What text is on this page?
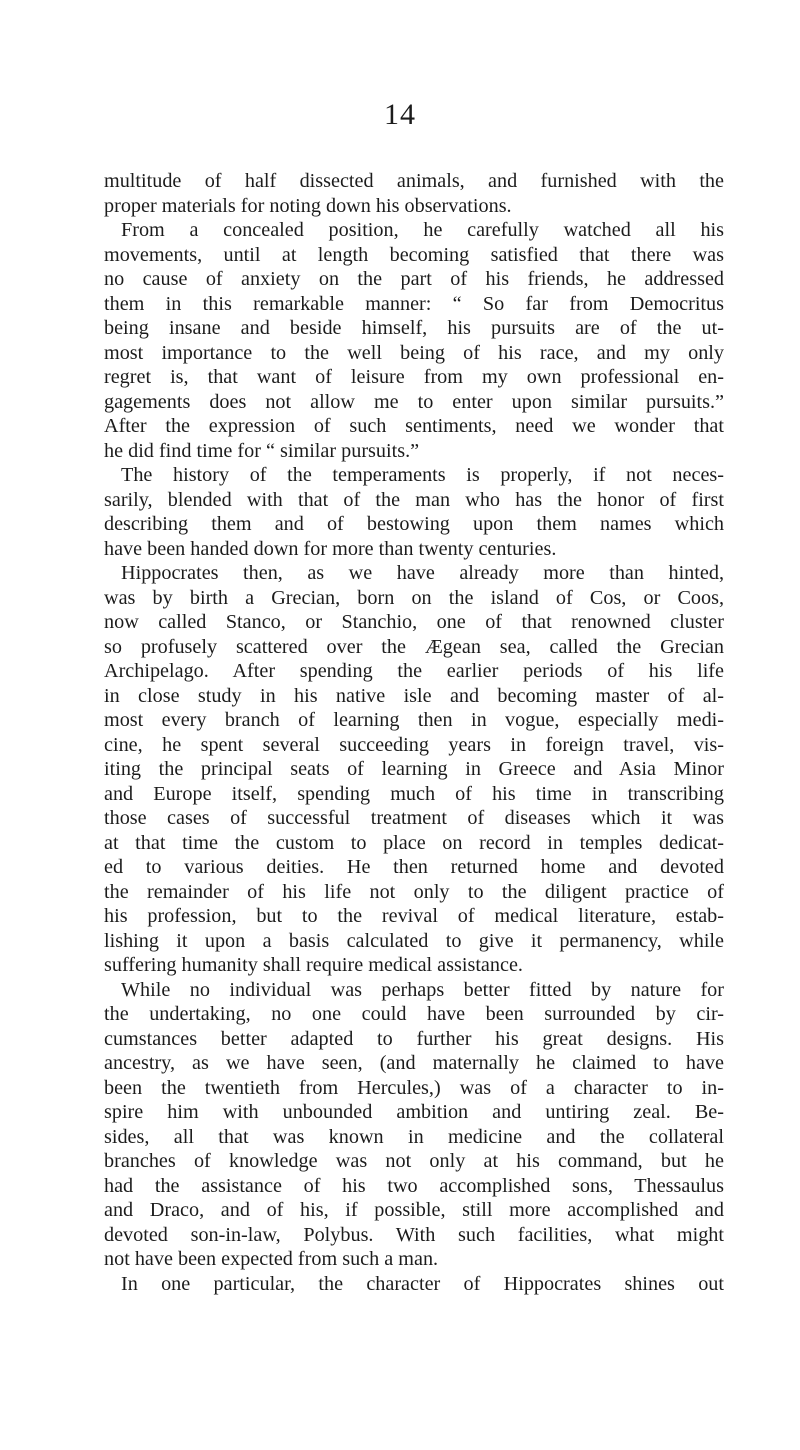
14
multitude of half dissected animals, and furnished with the
proper materials for noting down his observations.
From a concealed position, he carefully watched all his
movements, until at length becoming satisfied that there was
no cause of anxiety on the part of his friends, he addressed
them in this remarkable manner: “ So far from Democritus
being insane and beside himself, his pursuits are of the ut-
most importance to the well being of his race, and my only
regret is, that want of leisure from my own professional en-
gagements does not allow me to enter upon similar pursuits.”
After the expression of such sentiments, need we wonder that
he did find time for “ similar pursuits.”
The history of the temperaments is properly, if not neces-
sarily, blended with that of the man who has the honor of first
describing them and of bestowing upon them names which
have been handed down for more than twenty centuries.
Hippocrates then, as we have already more than hinted,
was by birth a Grecian, born on the island of Cos, or Coos,
now called Stanco, or Stanchio, one of that renowned cluster
so profusely scattered over the Ægean sea, called the Grecian
Archipelago. After spending the earlier periods of his life
in close study in his native isle and becoming master of al-
most every branch of learning then in vogue, especially medi-
cine, he spent several succeeding years in foreign travel, vis-
iting the principal seats of learning in Greece and Asia Minor
and Europe itself, spending much of his time in transcribing
those cases of successful treatment of diseases which it was
at that time the custom to place on record in temples dedicat-
ed to various deities. He then returned home and devoted
the remainder of his life not only to the diligent practice of
his profession, but to the revival of medical literature, estab-
lishing it upon a basis calculated to give it permanency, while
suffering humanity shall require medical assistance.
While no individual was perhaps better fitted by nature for
the undertaking, no one could have been surrounded by cir-
cumstances better adapted to further his great designs. His
ancestry, as we have seen, (and maternally he claimed to have
been the twentieth from Hercules,) was of a character to in-
spire him with unbounded ambition and untiring zeal. Be-
sides, all that was known in medicine and the collateral
branches of knowledge was not only at his command, but he
had the assistance of his two accomplished sons, Thessaulus
and Draco, and of his, if possible, still more accomplished and
devoted son-in-law, Polybus. With such facilities, what might
not have been expected from such a man.
In one particular, the character of Hippocrates shines out
